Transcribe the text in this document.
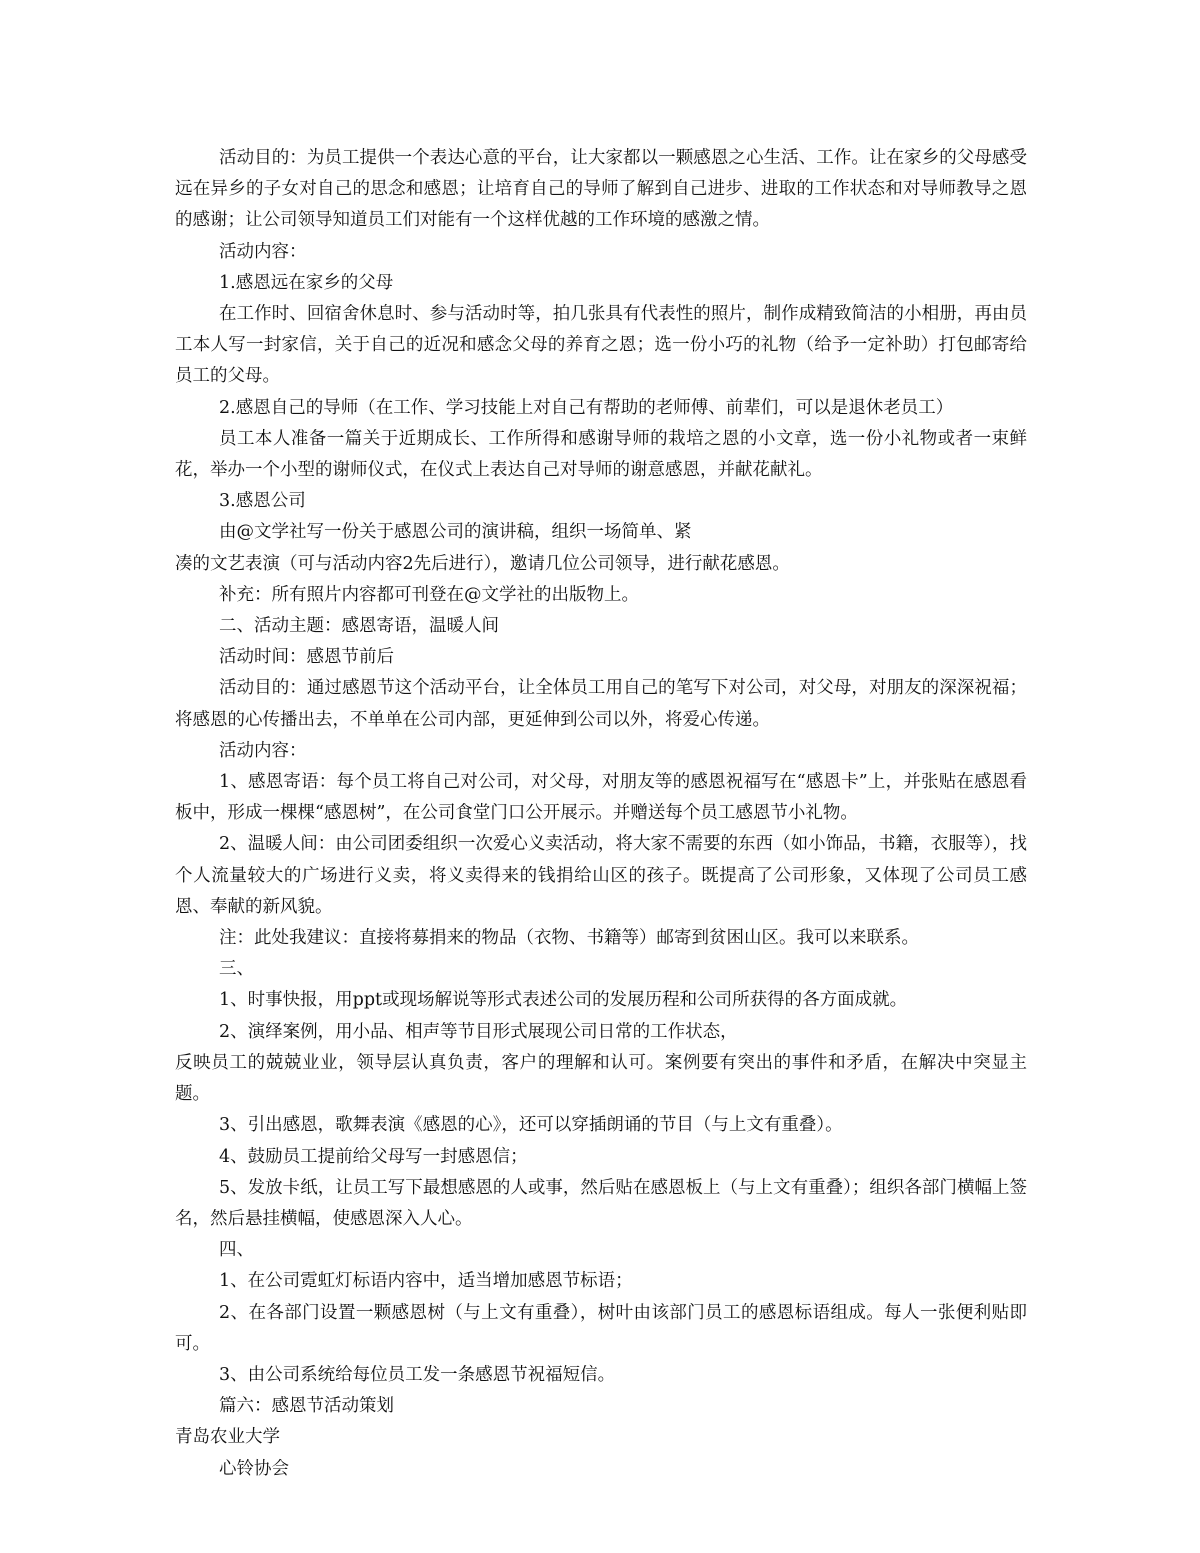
活动目的：为员工提供一个表达心意的平台，让大家都以一颗感恩之心生活、工作。让在家乡的父母感受远在异乡的子女对自己的思念和感恩；让培育自己的导师了解到自己进步、进取的工作状态和对导师教导之恩的感谢；让公司领导知道员工们对能有一个这样优越的工作环境的感激之情。

活动内容：

1.感恩远在家乡的父母

在工作时、回宿舍休息时、参与活动时等，拍几张具有代表性的照片，制作成精致简洁的小相册，再由员工本人写一封家信，关于自己的近况和感念父母的养育之恩；选一份小巧的礼物（给予一定补助）打包邮寄给员工的父母。

2.感恩自己的导师（在工作、学习技能上对自己有帮助的老师傅、前辈们，可以是退休老员工）

员工本人准备一篇关于近期成长、工作所得和感谢导师的栽培之恩的小文章，选一份小礼物或者一束鲜花，举办一个小型的谢师仪式，在仪式上表达自己对导师的谢意感恩，并献花献礼。

3.感恩公司

由@文学社写一份关于感恩公司的演讲稿，组织一场简单、紧

凑的文艺表演（可与活动内容2先后进行），邀请几位公司领导，进行献花感恩。

补充：所有照片内容都可刊登在@文学社的出版物上。

二、活动主题：感恩寄语，温暖人间

活动时间：感恩节前后

活动目的：通过感恩节这个活动平台，让全体员工用自己的笔写下对公司，对父母，对朋友的深深祝福；将感恩的心传播出去，不单单在公司内部，更延伸到公司以外，将爱心传递。

活动内容：

1、感恩寄语：每个员工将自己对公司，对父母，对朋友等的感恩祝福写在“感恩卡”上，并张贴在感恩看板中，形成一棵棵“感恩树”，在公司食堂门口公开展示。并赠送每个员工感恩节小礼物。

2、温暖人间：由公司团委组织一次爱心义卖活动，将大家不需要的东西（如小饰品，书籍，衣服等），找个人流量较大的广场进行义卖，将义卖得来的钱捐给山区的孩子。既提高了公司形象，又体现了公司员工感恩、奉献的新风貌。

注：此处我建议：直接将募捐来的物品（衣物、书籍等）邮寄到贫困山区。我可以来联系。

三、

1、时事快报，用ppt或现场解说等形式表述公司的发展历程和公司所获得的各方面成就。

2、演绎案例，用小品、相声等节目形式展现公司日常的工作状态，

反映员工的兢兢业业，领导层认真负责，客户的理解和认可。案例要有突出的事件和矛盾，在解决中突显主题。

3、引出感恩，歌舞表演《感恩的心》，还可以穿插朗诵的节目（与上文有重叠）。

4、鼓励员工提前给父母写一封感恩信；

5、发放卡纸，让员工写下最想感恩的人或事，然后贴在感恩板上（与上文有重叠）；组织各部门横幅上签名，然后悬挂横幅，使感恩深入人心。

四、

1、在公司霓虹灯标语内容中，适当增加感恩节标语；

2、在各部门设置一颗感恩树（与上文有重叠），树叶由该部门员工的感恩标语组成。每人一张便利贴即可。

3、由公司系统给每位员工发一条感恩节祝福短信。

篇六：感恩节活动策划

青岛农业大学

心铃协会
